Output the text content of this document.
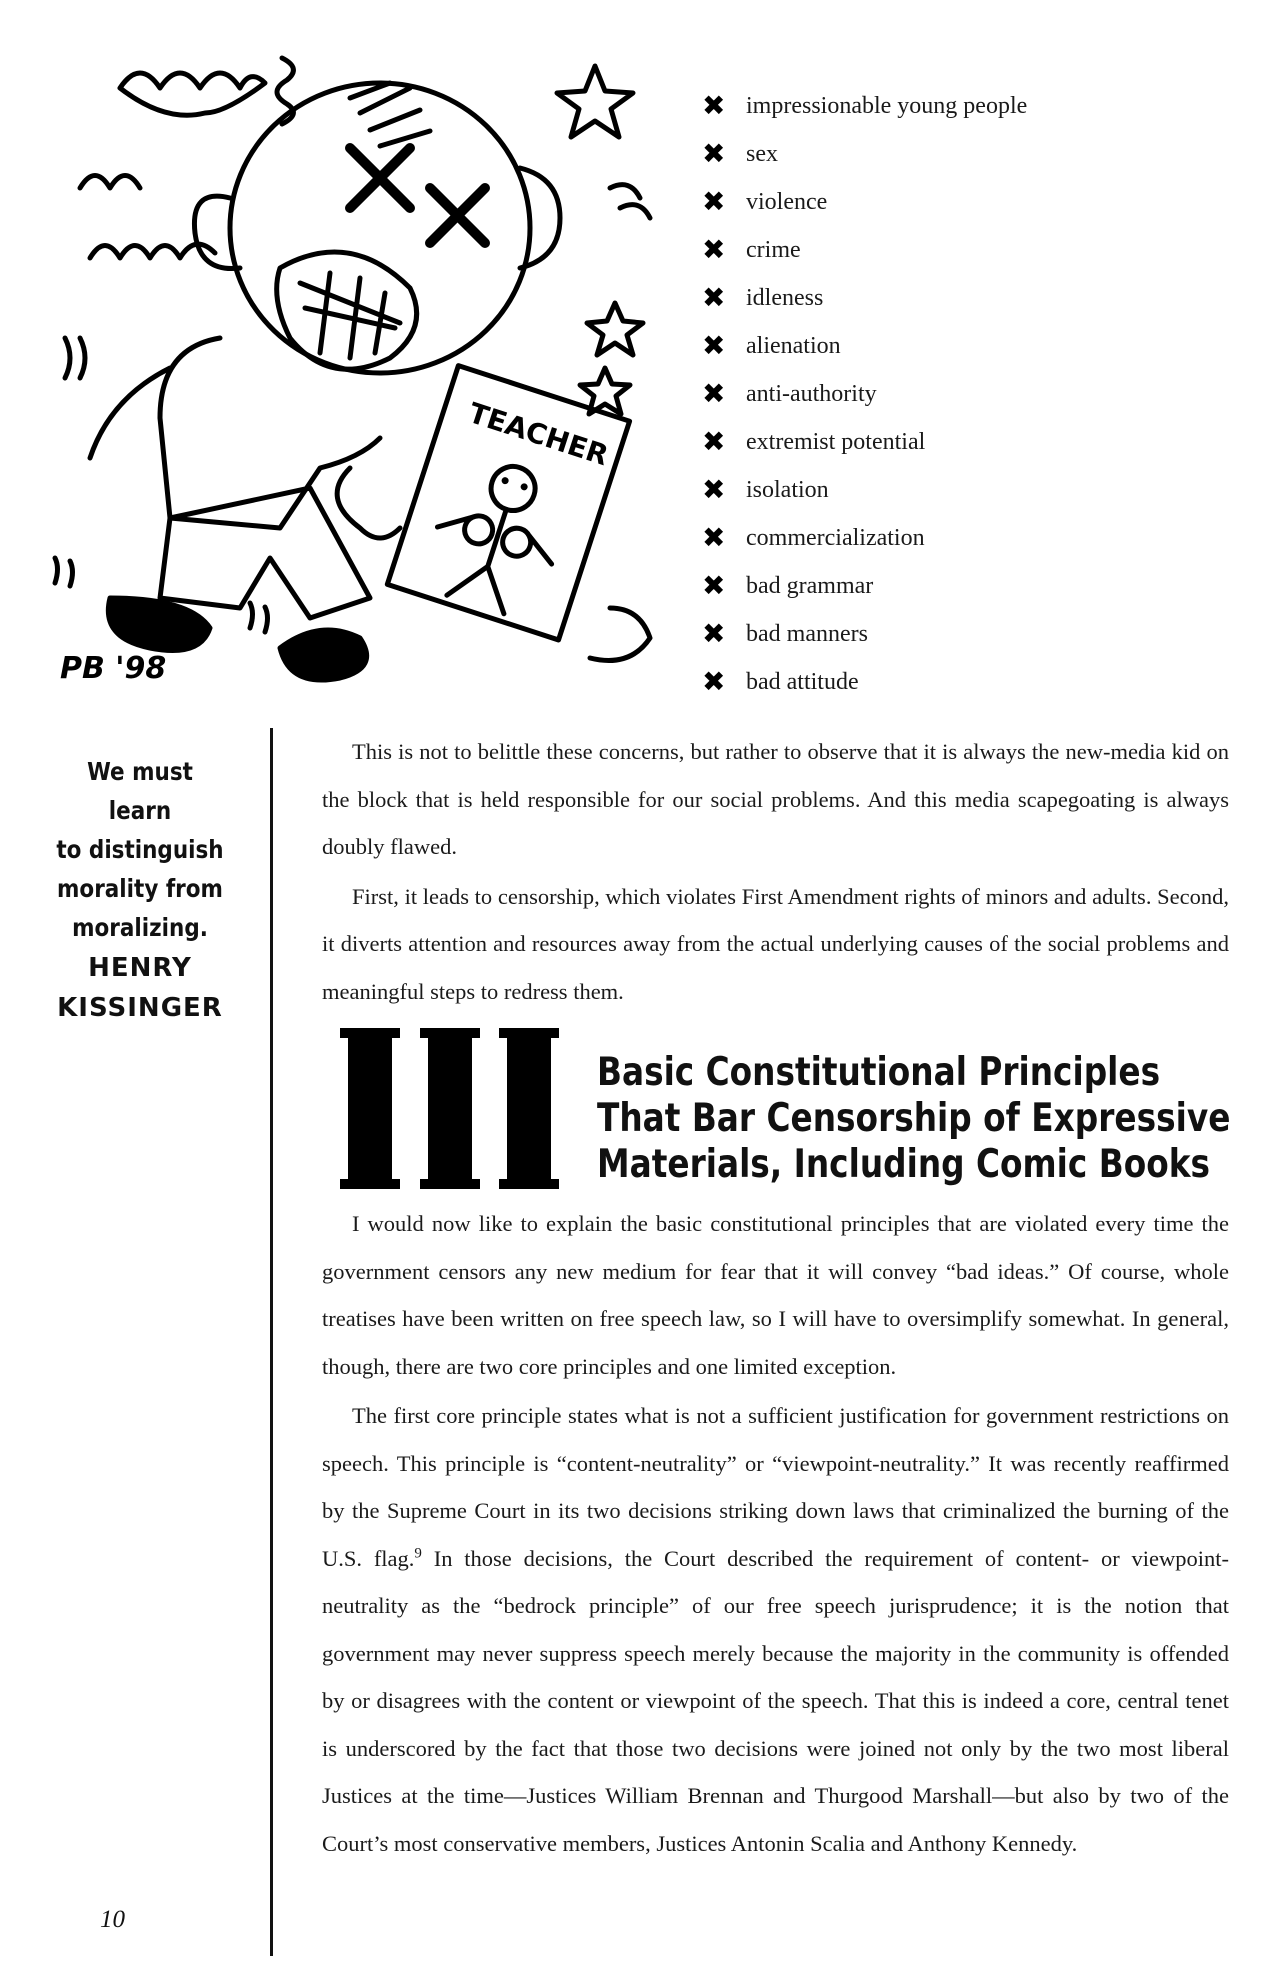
TEACHER
PB '98
✖ impressionable young people
✖ sex
✖ violence
✖ crime
✖ idleness
✖ alienation
✖ anti-authority
✖ extremist potential
✖ isolation
✖ commercialization
✖ bad grammar
✖ bad manners
✖ bad attitude
We must learn
to distinguish
morality from
moralizing.
HENRY
KISSINGER
10

This is not to belittle these concerns, but rather to observe that it is always the new-media kid on the block that is held responsible for our social problems. And this media scapegoating is always doubly flawed.

First, it leads to censorship, which violates First Amendment rights of minors and adults. Second, it diverts attention and resources away from the actual underlying causes of the social problems and meaningful steps to redress them.

Basic Constitutional Principles
That Bar Censorship of Expressive
Materials, Including Comic Books

I would now like to explain the basic constitutional principles that are violated every time the government censors any new medium for fear that it will convey “bad ideas.” Of course, whole treatises have been written on free speech law, so I will have to oversimplify somewhat. In general, though, there are two core principles and one limited exception.

The first core principle states what is not a sufficient justification for government restrictions on speech. This principle is “content-neutrality” or “viewpoint-neutrality.” It was recently reaffirmed by the Supreme Court in its two decisions striking down laws that criminalized the burning of the U.S. flag.$^9$ In those decisions, the Court described the requirement of content- or viewpoint-neutrality as the “bedrock principle” of our free speech jurisprudence; it is the notion that government may never suppress speech merely because the majority in the community is offended by or disagrees with the content or viewpoint of the speech. That this is indeed a core, central tenet is underscored by the fact that those two decisions were joined not only by the two most liberal Justices at the time—Justices William Brennan and Thurgood Marshall—but also by two of the Court’s most conservative members, Justices Antonin Scalia and Anthony Kennedy.
